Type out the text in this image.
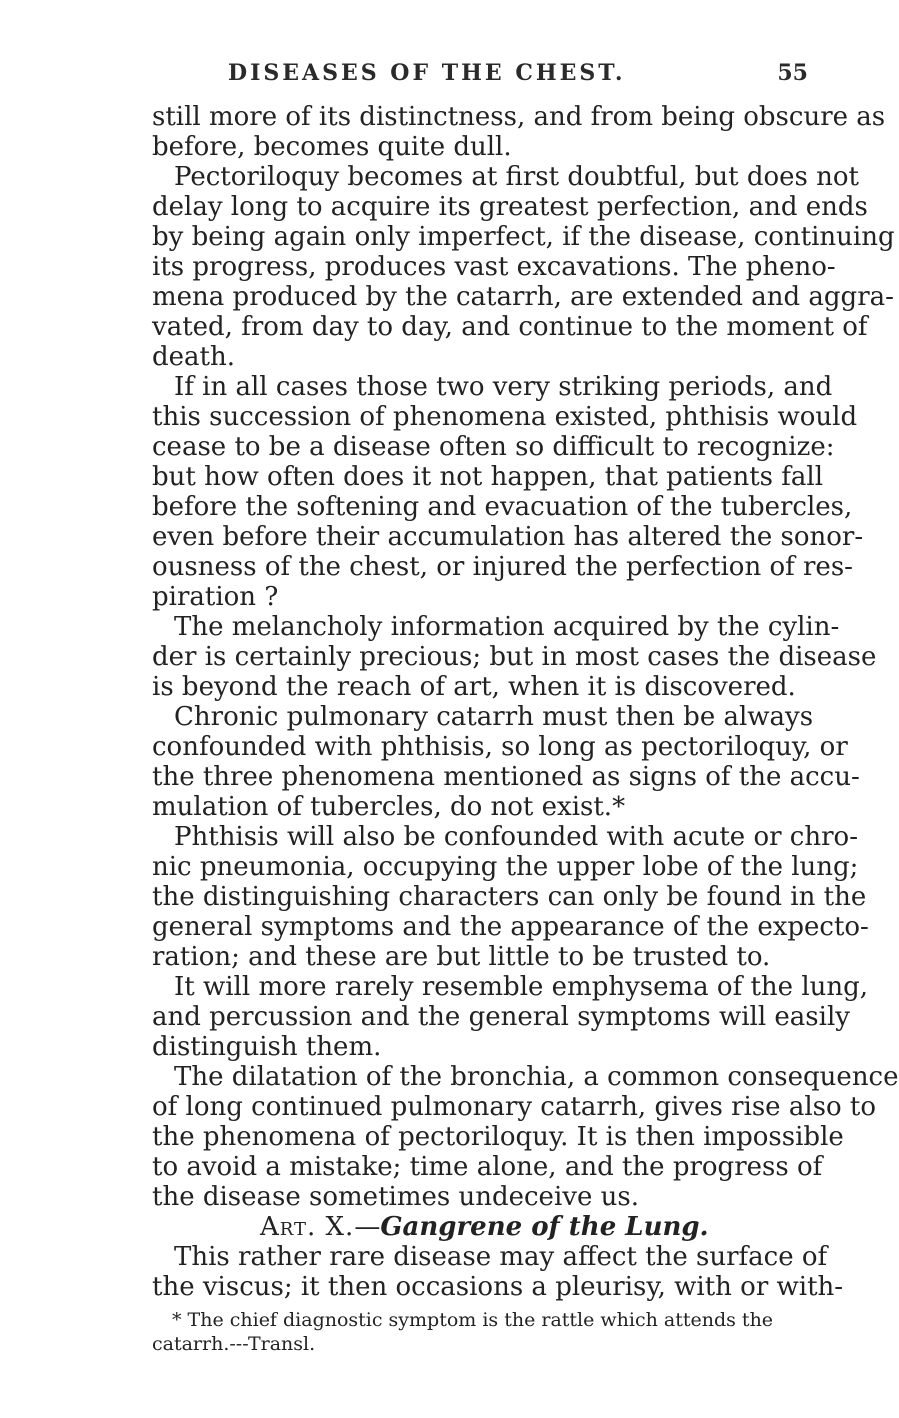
DISEASES OF THE CHEST.	55
still more of its distinctness, and from being obscure as
before, becomes quite dull.
Pectoriloquy becomes at first doubtful, but does not
delay long to acquire its greatest perfection, and ends
by being again only imperfect, if the disease, continuing
its progress, produces vast excavations. The pheno-
mena produced by the catarrh, are extended and aggra-
vated, from day to day, and continue to the moment of
death.
If in all cases those two very striking periods, and
this succession of phenomena existed, phthisis would
cease to be a disease often so difficult to recognize:
but how often does it not happen, that patients fall
before the softening and evacuation of the tubercles,
even before their accumulation has altered the sonor-
ousness of the chest, or injured the perfection of res-
piration ?
The melancholy information acquired by the cylin-
der is certainly precious; but in most cases the disease
is beyond the reach of art, when it is discovered.
Chronic pulmonary catarrh must then be always
confounded with phthisis, so long as pectoriloquy, or
the three phenomena mentioned as signs of the accu-
mulation of tubercles, do not exist.*
Phthisis will also be confounded with acute or chro-
nic pneumonia, occupying the upper lobe of the lung;
the distinguishing characters can only be found in the
general symptoms and the appearance of the expecto-
ration; and these are but little to be trusted to.
It will more rarely resemble emphysema of the lung,
and percussion and the general symptoms will easily
distinguish them.
The dilatation of the bronchia, a common consequence
of long continued pulmonary catarrh, gives rise also to
the phenomena of pectoriloquy. It is then impossible
to avoid a mistake; time alone, and the progress of
the disease sometimes undeceive us.
Art. X.—Gangrene of the Lung.
This rather rare disease may affect the surface of
the viscus; it then occasions a pleurisy, with or with-
* The chief diagnostic symptom is the rattle which attends the
catarrh.---Transl.
